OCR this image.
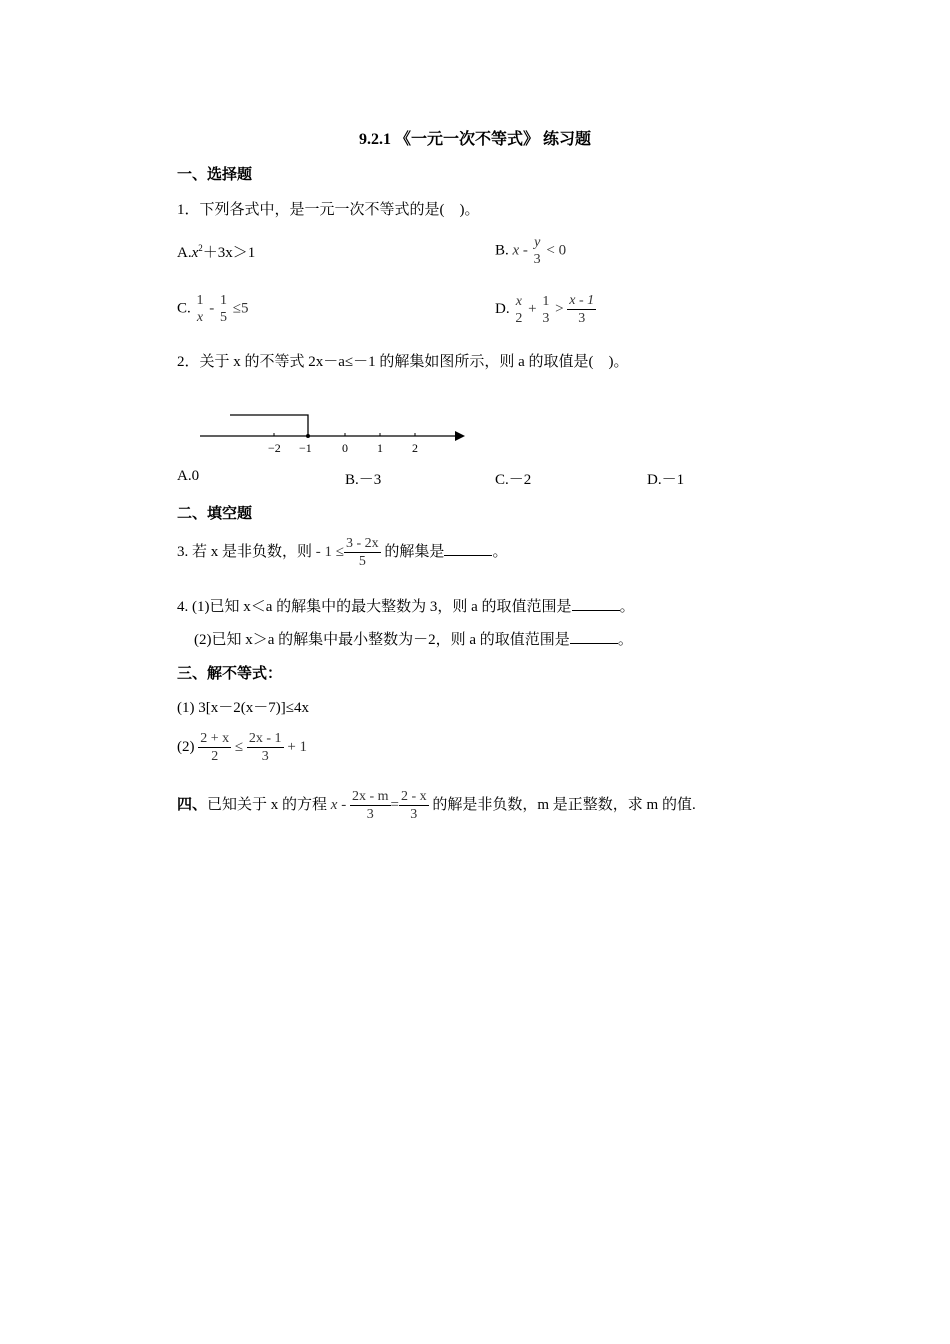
9.2.1 《一元一次不等式》 练习题
一、选择题
1．下列各式中，是一元一次不等式的是(　)。
$A.x^2+3x>1$	B. x - y
3
< 0
C. 1
x
- 1
5
≤5	D. x
2
+ 1
3
> $\frac{x - 1}{3}$
2．关于 x 的不等式 2x－a≤－1 的解集如图所示，则 a 的取值是(　)。
−2 −1	0 1 2
A.0	B.－3	C.－2	D.－1
二、填空题
3. 若 x 是非负数，则 - $1 \le \frac{3 - 2x}{5}$ 的解集是	。
4. (1)已知 x＜a 的解集中的最大整数为 3，则 a 的取值范围是	。
(2)已知 x＞a 的解集中最小整数为－2，则 a 的取值范围是	。
三、解不等式：
(1) 3[x－2(x－7)]≤4x
$(2) \frac{2 + x}{2} \le \frac{2x - 1}{3} + 1$
四、已知关于 x 的方程 $x - \frac{2x - m}{3} = \frac{2 - x}{3}$ 的解是非负数，m 是正整数，求 m 的值.
